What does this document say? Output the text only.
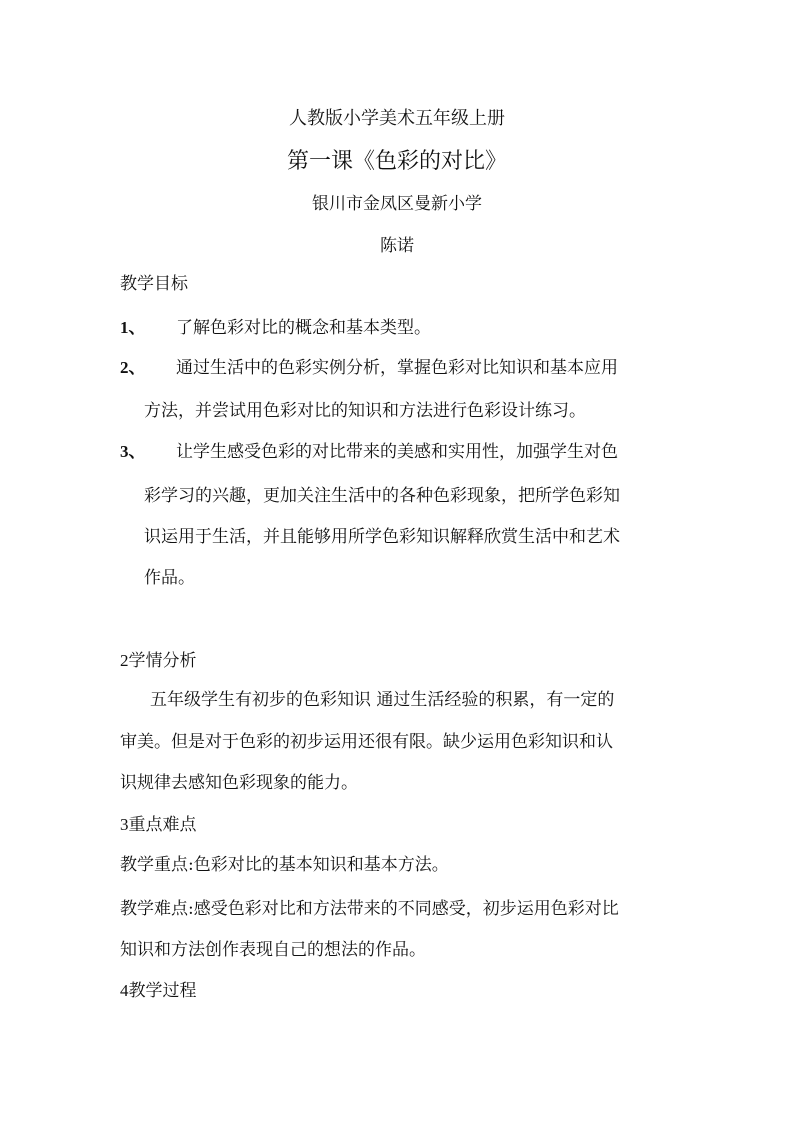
人教版小学美术五年级上册
第一课《色彩的对比》
银川市金凤区曼新小学
陈诺
教学目标
1、 了解色彩对比的概念和基本类型。
2、 通过生活中的色彩实例分析，掌握色彩对比知识和基本应用
方法，并尝试用色彩对比的知识和方法进行色彩设计练习。
3、 让学生感受色彩的对比带来的美感和实用性，加强学生对色
彩学习的兴趣，更加关注生活中的各种色彩现象，把所学色彩知
识运用于生活，并且能够用所学色彩知识解释欣赏生活中和艺术
作品。
2学情分析
五年级学生有初步的色彩知识 通过生活经验的积累，有一定的
审美。但是对于色彩的初步运用还很有限。缺少运用色彩知识和认
识规律去感知色彩现象的能力。
3重点难点
教学重点:色彩对比的基本知识和基本方法。
教学难点:感受色彩对比和方法带来的不同感受，初步运用色彩对比
知识和方法创作表现自己的想法的作品。
4教学过程
